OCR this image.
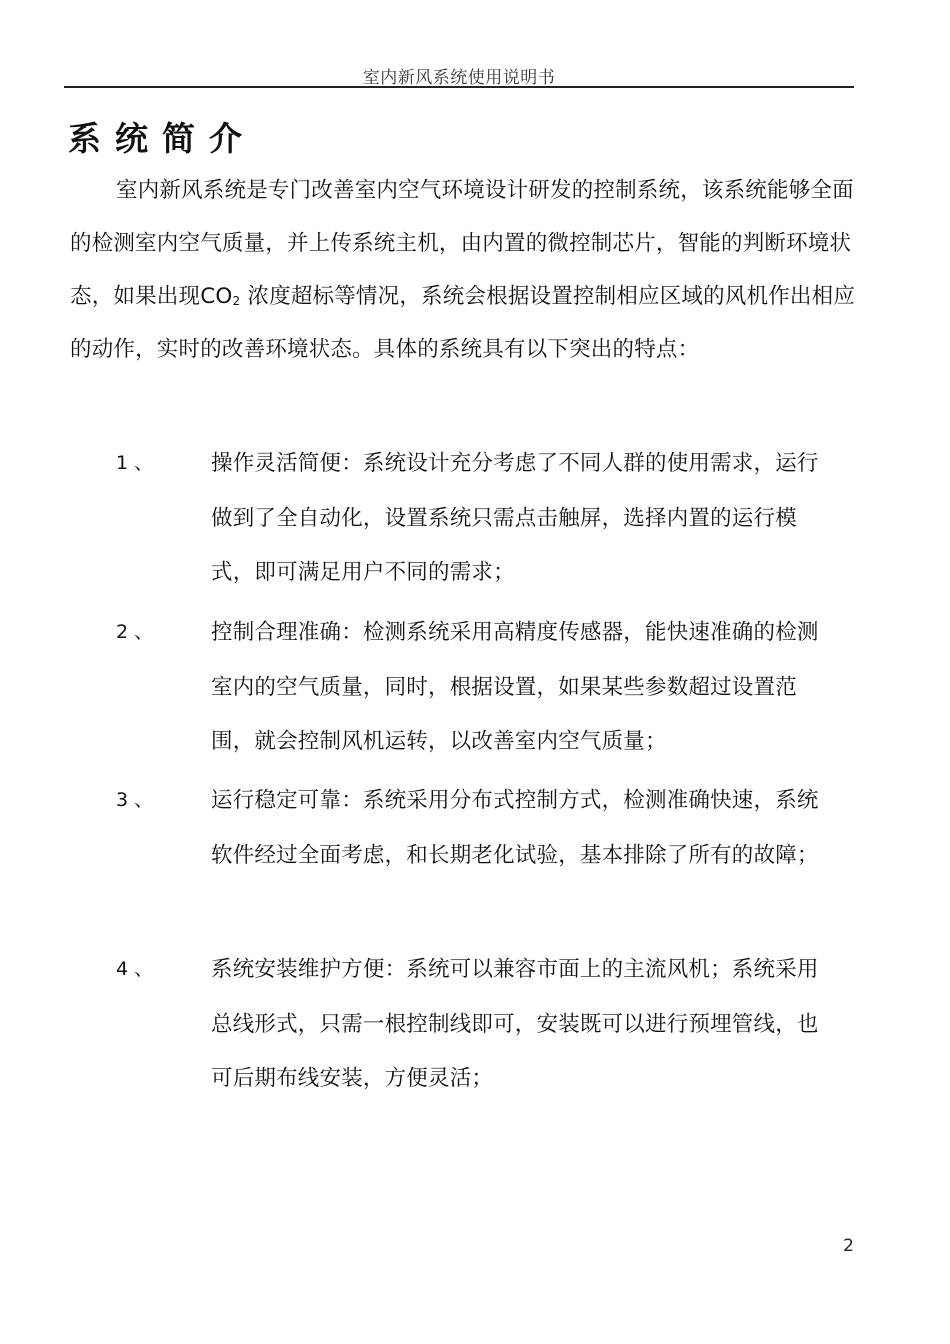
室内新风系统使用说明书
系统简介

室内新风系统是专门改善室内空气环境设计研发的控制系统，该系统能够全面的检测室内空气质量，并上传系统主机，由内置的微控制芯片，智能的判断环境状态，如果出现$CO_2$ 浓度超标等情况，系统会根据设置控制相应区域的风机作出相应的动作，实时的改善环境状态。具体的系统具有以下突出的特点：

1、 操作灵活简便：系统设计充分考虑了不同人群的使用需求，运行做到了全自动化，设置系统只需点击触屏，选择内置的运行模式，即可满足用户不同的需求；
2、 控制合理准确：检测系统采用高精度传感器，能快速准确的检测室内的空气质量，同时，根据设置，如果某些参数超过设置范围，就会控制风机运转，以改善室内空气质量；
3、 运行稳定可靠：系统采用分布式控制方式，检测准确快速，系统软件经过全面考虑，和长期老化试验，基本排除了所有的故障；
4、 系统安装维护方便：系统可以兼容市面上的主流风机；系统采用总线形式，只需一根控制线即可，安装既可以进行预埋管线，也可后期布线安装，方便灵活；
2
